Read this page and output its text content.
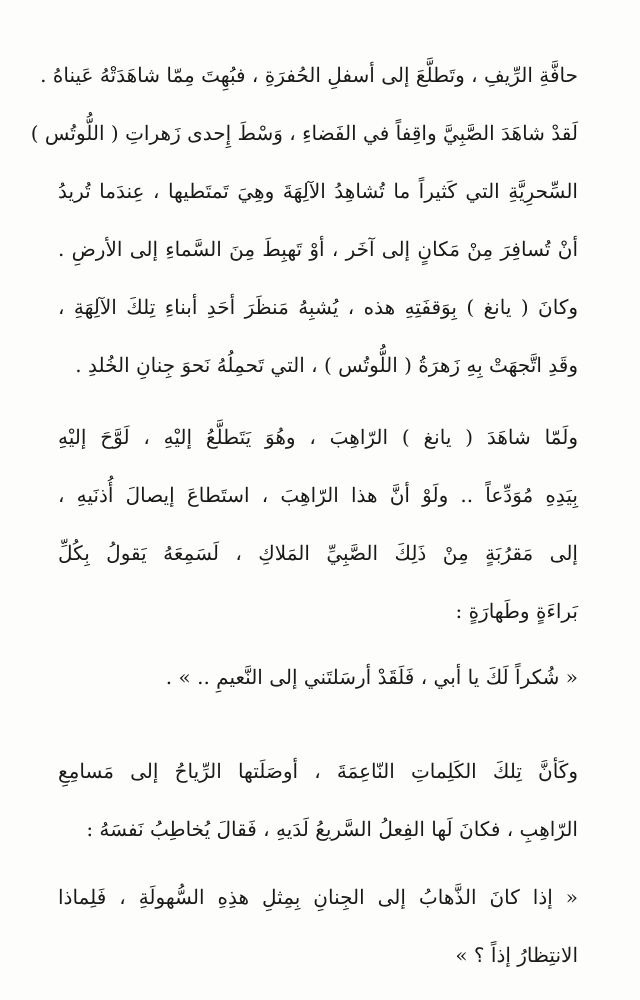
حافَّةِ الرِّيفِ ، وتَطلَّعَ إلى أسفلِ الحُفرَةِ ، فبُهِتَ مِمّا شاهَدَتْهُ عَيناهُ .
لَقدْ شاهَدَ الصَّبِيَّ واقِفاً في الفَضاءِ ، وَسْطَ إِحدى زَهراتِ ( اللُّوتُس )
السِّحرِيَّةِ التي كَثيراً ما تُشاهِدُ الآلِهَةَ وهِيَ تَمتَطيها ، عِندَما تُريدُ
أنْ تُسافِرَ مِنْ مَكانٍ إلى آخَر ، أوْ تَهبِطَ مِنَ السَّماءِ إلى الأرضِ .
وكانَ ( يانغ ) بِوَقفَتِهِ هذه ، يُشبِهُ مَنظَرَ أحَدِ أبناءِ تِلكَ الآلِهَةِ ،
وقَدِ اتَّجهَتْ بِهِ زَهرَةُ ( اللُّوتُس ) ، التي تَحمِلُهُ نَحوَ جِنانِ الخُلدِ .
ولَمّا شاهَدَ ( يانغ ) الرّاهِبَ ، وهُوَ يَتَطلَّعُ إليْهِ ، لَوَّحَ إليْهِ
بِيَدِهِ مُوَدِّعاً .. ولَوْ أنَّ هذا الرّاهِبَ ، استَطاعَ إيصالَ أُذنَيهِ ،
إلى مَقرُبَةٍ مِنْ ذَلِكَ الصَّبِيِّ المَلاكِ ، لَسَمِعَهُ يَقولُ بِكُلِّ
بَراءَةٍ وطَهارَةٍ :
« شُكراً لَكَ يا أبي ، فَلَقَدْ أرسَلتَني إلى النَّعيمِ .. » .
وكَأنَّ تِلكَ الكَلِماتِ النّاعِمَةَ ، أوصَلَتها الرِّياحُ إلى مَسامِعِ
الرّاهِبِ ، فكانَ لَها الفِعلُ السَّريعُ لَدَيهِ ، فَقالَ يُخاطِبُ نَفسَهُ :
« إذا كانَ الذَّهابُ إلى الجِنانِ بِمِثلِ هذِهِ السُّهولَةِ ، فَلِماذا
الانتِظارُ إذاً ؟ »
